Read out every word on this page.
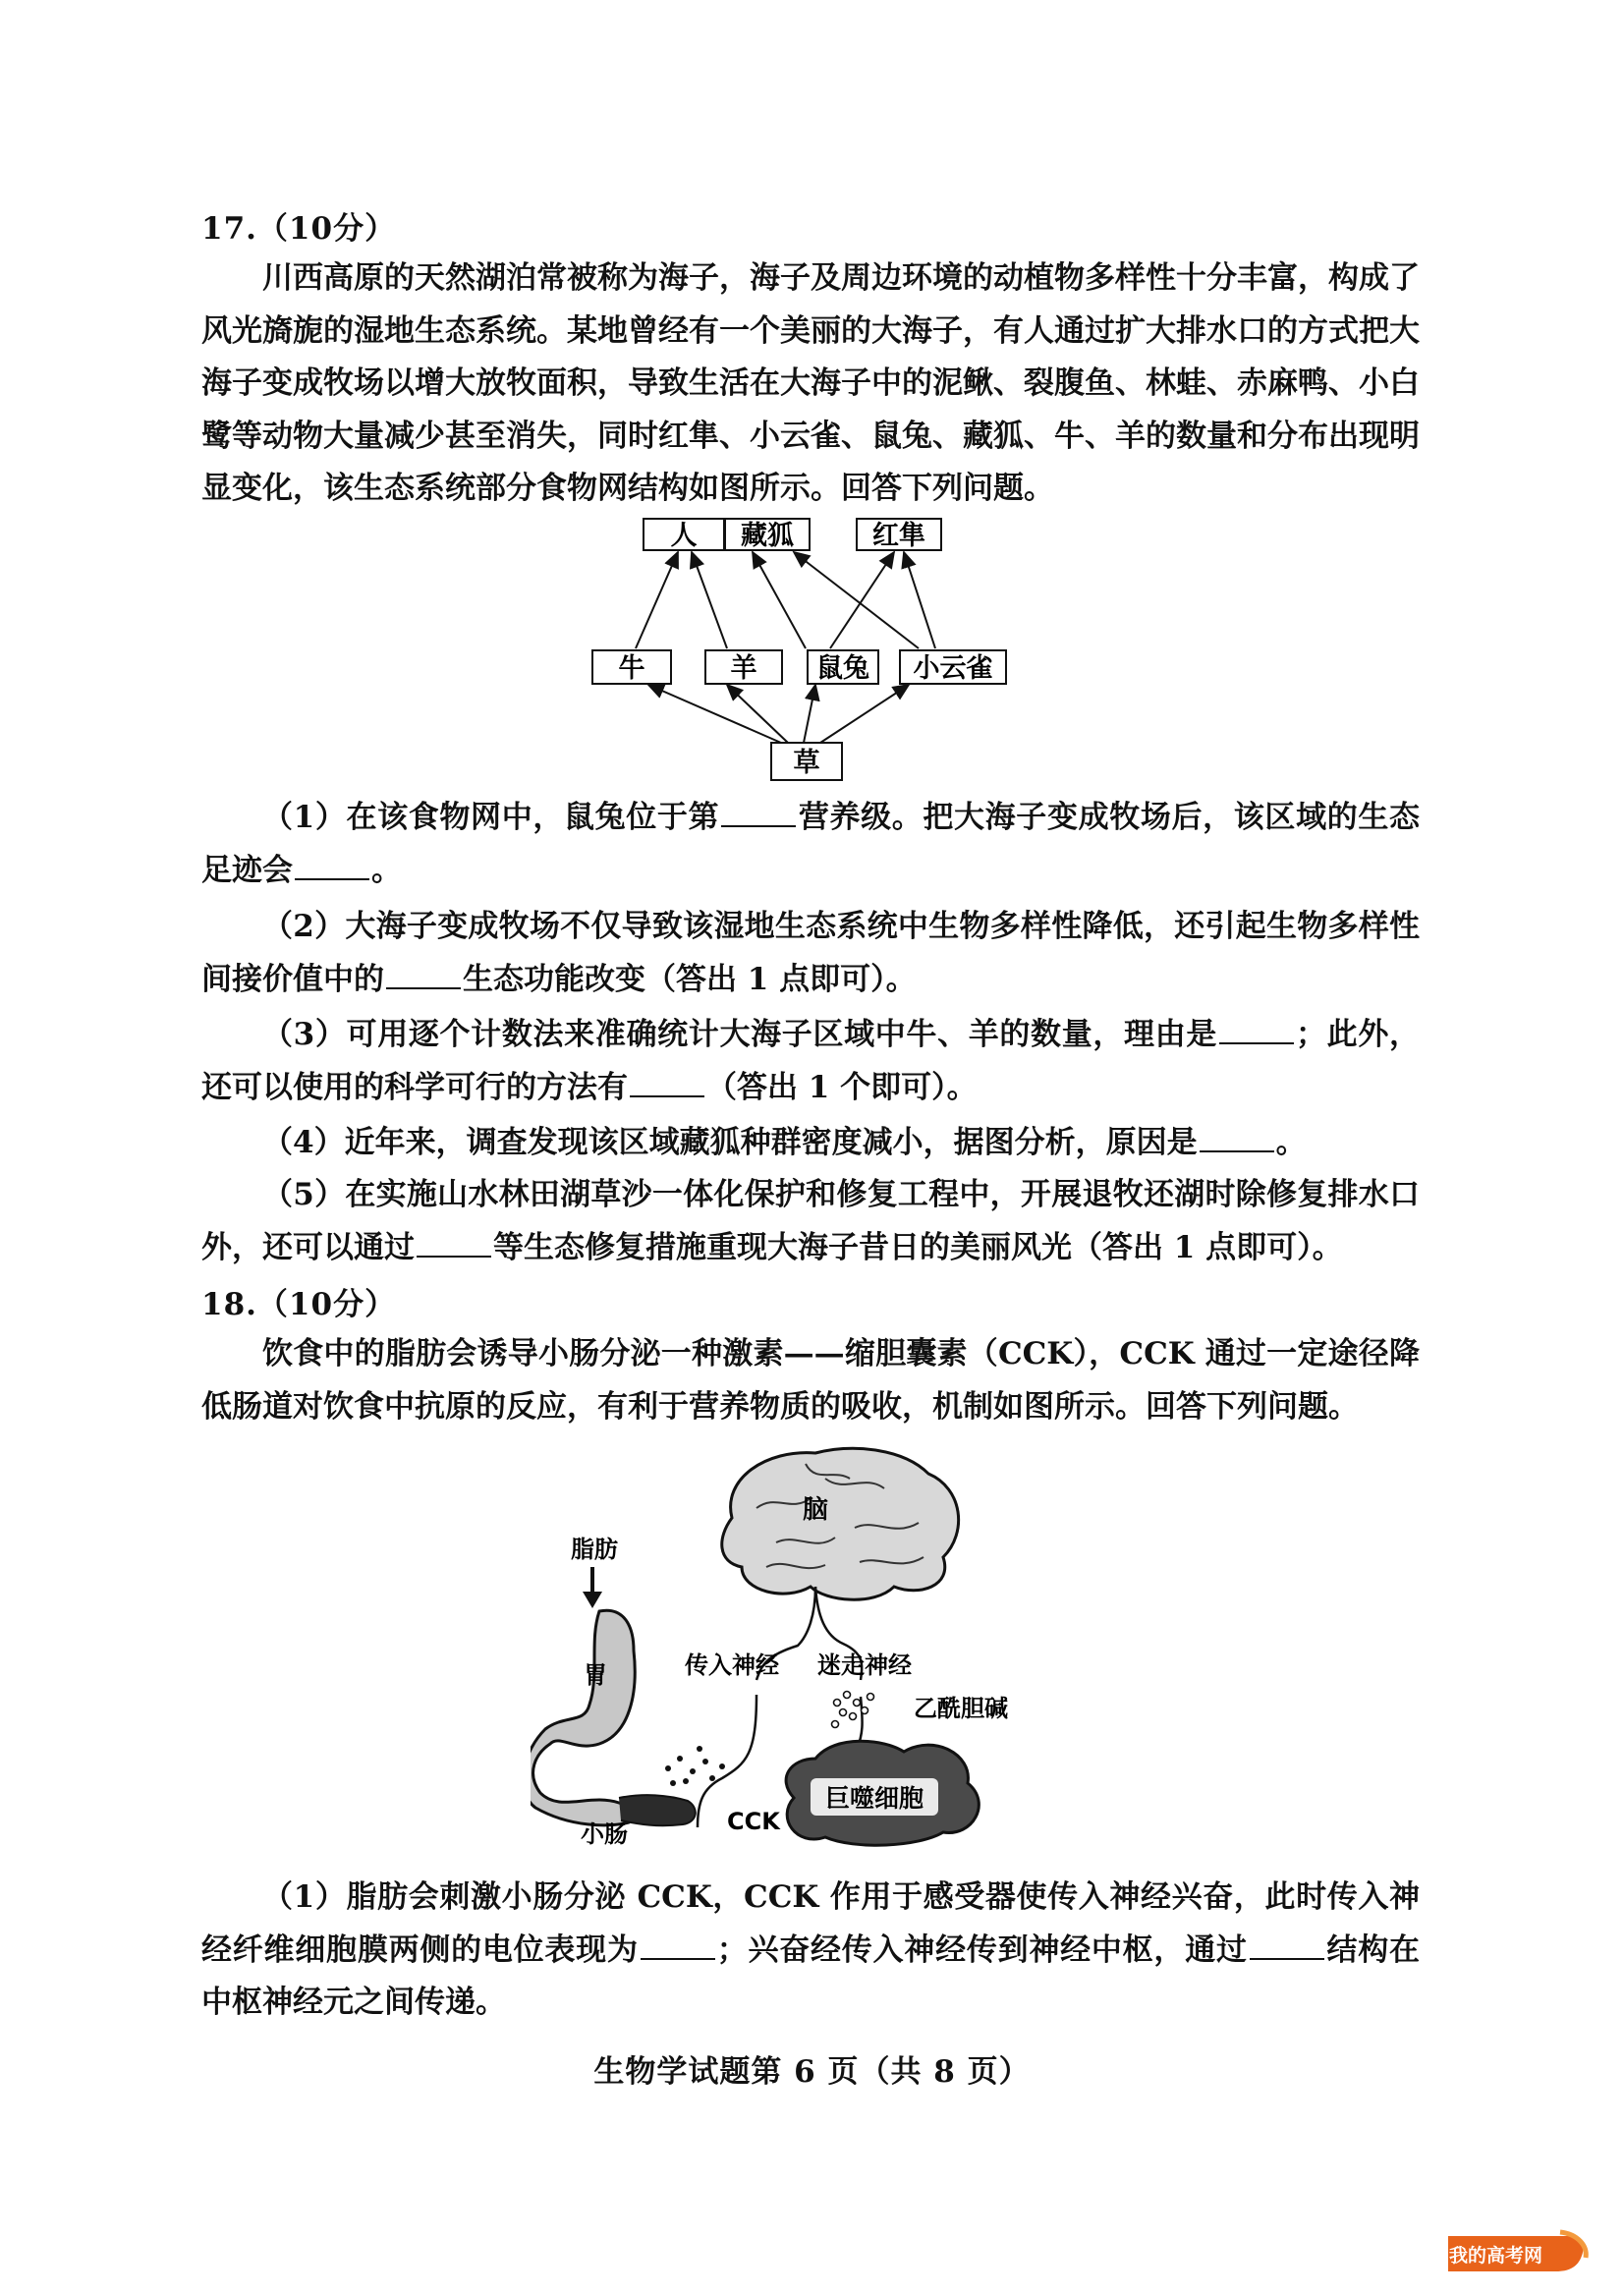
17.（10分）

川西高原的天然湖泊常被称为海子，海子及周边环境的动植物多样性十分丰富，构成了风光旖旎的湿地生态系统。某地曾经有一个美丽的大海子，有人通过扩大排水口的方式把大海子变成牧场以增大放牧面积，导致生活在大海子中的泥鳅、裂腹鱼、林蛙、赤麻鸭、小白鹭等动物大量减少甚至消失，同时红隼、小云雀、鼠兔、藏狐、牛、羊的数量和分布出现明显变化，该生态系统部分食物网结构如图所示。回答下列问题。

人 藏狐	红隼
牛	羊 鼠兔 小云雀
草

（1）在该食物网中，鼠兔位于第	营养级。把大海子变成牧场后，该区域的生态足迹会	。

（2）大海子变成牧场不仅导致该湿地生态系统中生物多样性降低，还引起生物多样性间接价值中的	生态功能改变（答出 1 点即可）。

（3）可用逐个计数法来准确统计大海子区域中牛、羊的数量，理由是	；此外，还可以使用的科学可行的方法有	（答出 1 个即可）。

（4）近年来，调查发现该区域藏狐种群密度减小，据图分析，原因是	。

（5）在实施山水林田湖草沙一体化保护和修复工程中，开展退牧还湖时除修复排水口外，还可以通过	等生态修复措施重现大海子昔日的美丽风光（答出 1 点即可）。

18.（10分）

饮食中的脂肪会诱导小肠分泌一种激素——缩胆囊素（CCK），CCK 通过一定途径降低肠道对饮食中抗原的反应，有利于营养物质的吸收，机制如图所示。回答下列问题。

脑
传入神经 迷走神经
乙酰胆碱
巨噬细胞
脂肪
胃
CCK
小肠

（1）脂肪会刺激小肠分泌 CCK，CCK 作用于感受器使传入神经兴奋，此时传入神经纤维细胞膜两侧的电位表现为	；兴奋经传入神经传到神经中枢，通过	结构在中枢神经元之间传递。

生物学试题第 6 页（共 8 页）
我的高考网
